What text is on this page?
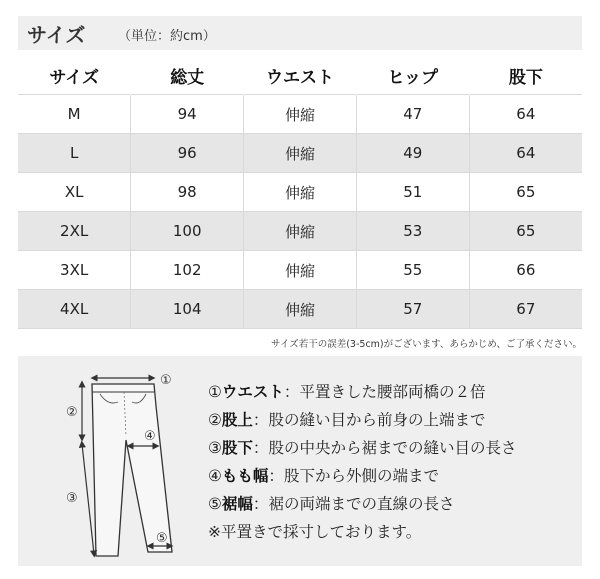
サイズ	（単位：約cm）
サイズ	総丈	ウエスト	ヒップ	股下
M	94	伸縮	47	64
L	96	伸縮	49	64
XL	98	伸縮	51	65
2XL	100	伸縮	53	65
3XL	102	伸縮	55	66
4XL	104	伸縮	57	67
サイズ若干の誤差(3-5cm)がございます、あらかじめ、ご了承ください。
①
②
③
④
⑤
①ウエスト：平置きした腰部両橋の２倍
②股上：股の縫い目から前身の上端まで
③股下：股の中央から裾までの縫い目の長さ
④もも幅：股下から外側の端まで
⑤裾幅：裾の両端までの直線の長さ
※平置きで採寸しております。
